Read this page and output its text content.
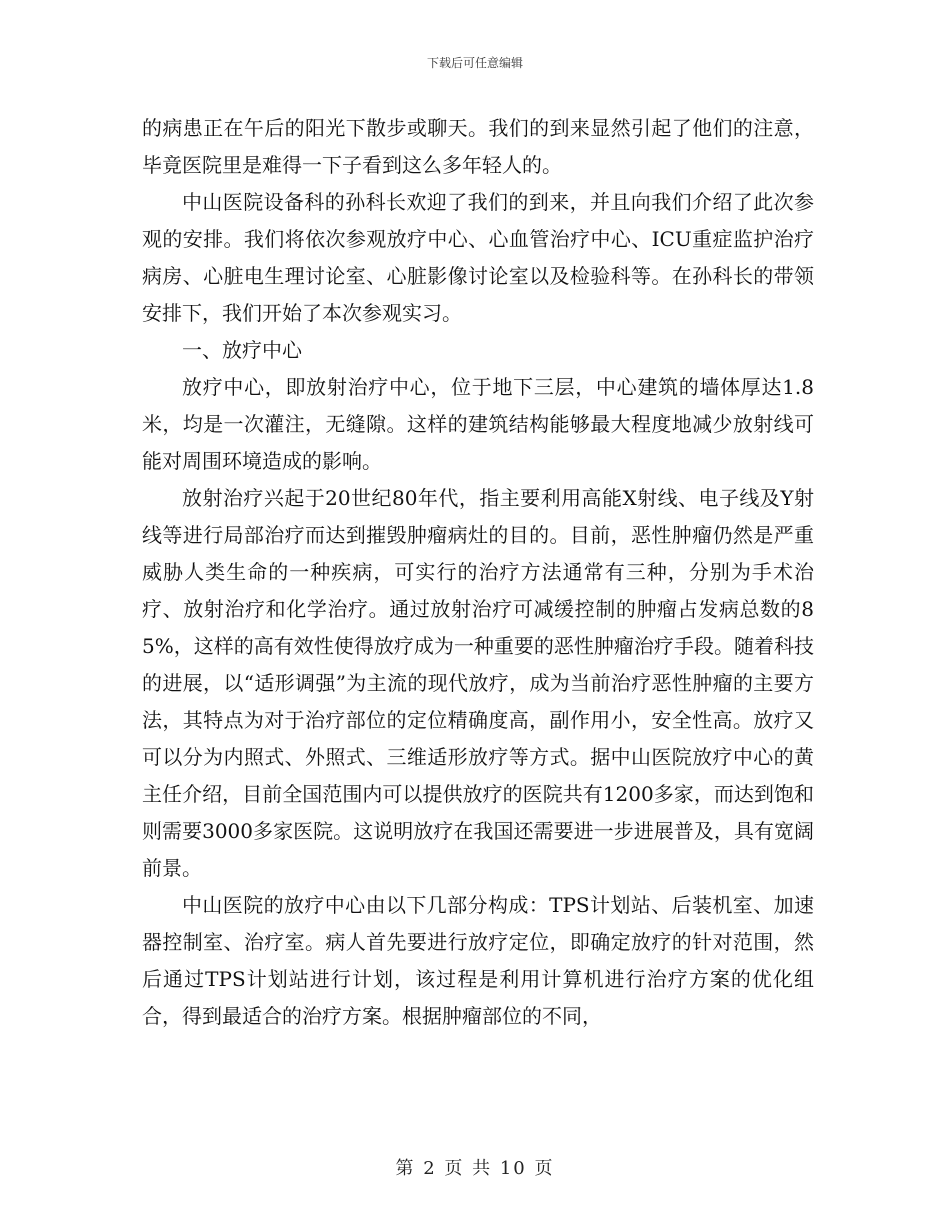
下载后可任意编辑

的病患正在午后的阳光下散步或聊天。我们的到来显然引起了他们的注意，毕竟医院里是难得一下子看到这么多年轻人的。

中山医院设备科的孙科长欢迎了我们的到来，并且向我们介绍了此次参观的安排。我们将依次参观放疗中心、心血管治疗中心、ICU重症监护治疗病房、心脏电生理讨论室、心脏影像讨论室以及检验科等。在孙科长的带领安排下，我们开始了本次参观实习。

一、放疗中心

放疗中心，即放射治疗中心，位于地下三层，中心建筑的墙体厚达1.8米，均是一次灌注，无缝隙。这样的建筑结构能够最大程度地减少放射线可能对周围环境造成的影响。

放射治疗兴起于20世纪80年代，指主要利用高能X射线、电子线及Y射线等进行局部治疗而达到摧毁肿瘤病灶的目的。目前，恶性肿瘤仍然是严重威胁人类生命的一种疾病，可实行的治疗方法通常有三种，分别为手术治疗、放射治疗和化学治疗。通过放射治疗可减缓控制的肿瘤占发病总数的85%，这样的高有效性使得放疗成为一种重要的恶性肿瘤治疗手段。随着科技的进展，以“适形调强”为主流的现代放疗，成为当前治疗恶性肿瘤的主要方法，其特点为对于治疗部位的定位精确度高，副作用小，安全性高。放疗又可以分为内照式、外照式、三维适形放疗等方式。据中山医院放疗中心的黄主任介绍，目前全国范围内可以提供放疗的医院共有1200多家，而达到饱和则需要3000多家医院。这说明放疗在我国还需要进一步进展普及，具有宽阔前景。

中山医院的放疗中心由以下几部分构成：TPS计划站、后装机室、加速器控制室、治疗室。病人首先要进行放疗定位，即确定放疗的针对范围，然后通过TPS计划站进行计划，该过程是利用计算机进行治疗方案的优化组合，得到最适合的治疗方案。根据肿瘤部位的不同，

第 2 页 共 10 页
